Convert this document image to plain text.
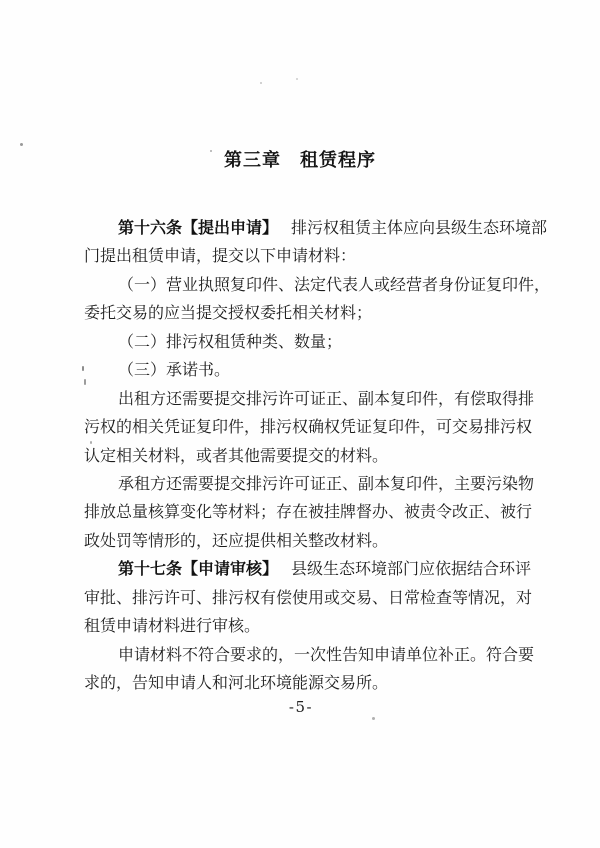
第三章　租赁程序
第十六条【提出申请】 排污权租赁主体应向县级生态环境部
门提出租赁申请，提交以下申请材料：
（一）营业执照复印件、法定代表人或经营者身份证复印件，
委托交易的应当提交授权委托相关材料；
（二）排污权租赁种类、数量；
（三）承诺书。
出租方还需要提交排污许可证正、副本复印件，有偿取得排
污权的相关凭证复印件，排污权确权凭证复印件，可交易排污权
认定相关材料，或者其他需要提交的材料。
承租方还需要提交排污许可证正、副本复印件，主要污染物
排放总量核算变化等材料；存在被挂牌督办、被责令改正、被行
政处罚等情形的，还应提供相关整改材料。
第十七条【申请审核】 县级生态环境部门应依据结合环评
审批、排污许可、排污权有偿使用或交易、日常检查等情况，对
租赁申请材料进行审核。
申请材料不符合要求的，一次性告知申请单位补正。符合要
求的，告知申请人和河北环境能源交易所。
-5-
